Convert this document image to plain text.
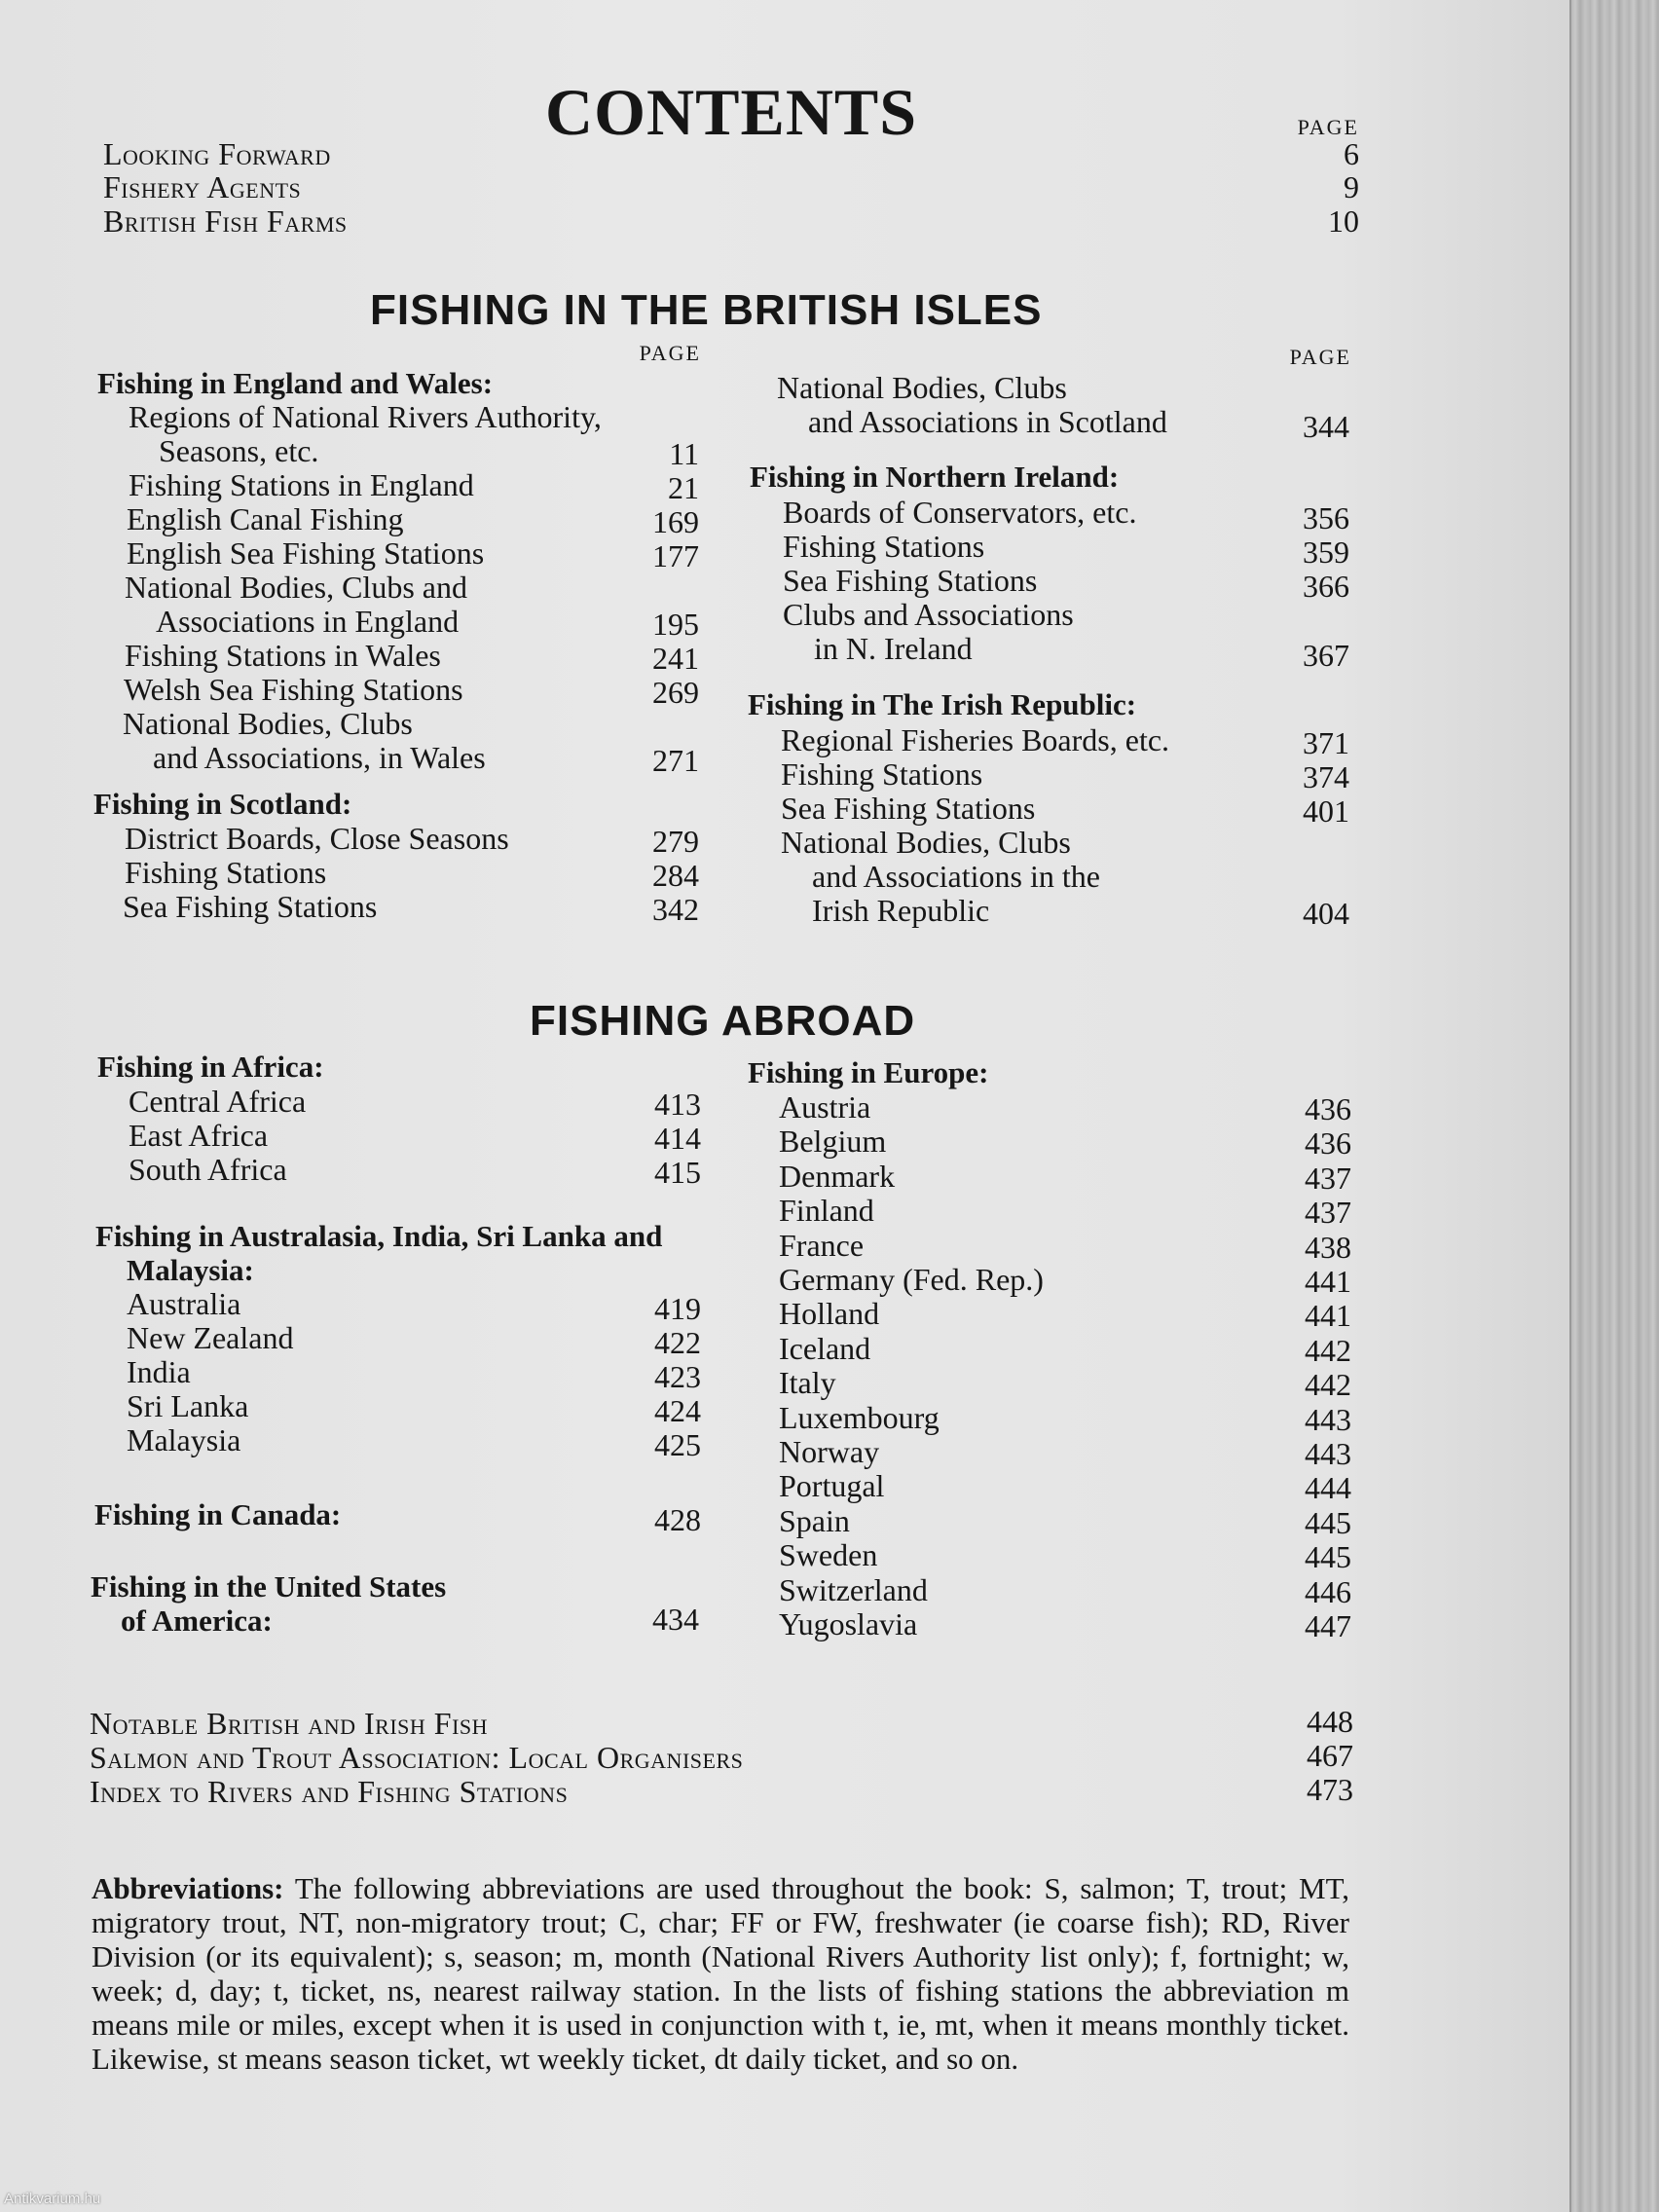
CONTENTS	PAGE
Looking Forward	6
Fishery Agents	9
British Fish Farms	10
FISHING IN THE BRITISH ISLES
PAGE	PAGE
Fishing in England and Wales:
Regions of National Rivers Authority,
Seasons, etc.	11
Fishing Stations in England	21
English Canal Fishing	169
English Sea Fishing Stations	177
National Bodies, Clubs and
Associations in England	195
Fishing Stations in Wales	241
Welsh Sea Fishing Stations	269
National Bodies, Clubs
and Associations, in Wales	271
Fishing in Scotland:
District Boards, Close Seasons	279
Fishing Stations	284
Sea Fishing Stations	342
National Bodies, Clubs
and Associations in Scotland	344
Fishing in Northern Ireland:
Boards of Conservators, etc.	356
Fishing Stations	359
Sea Fishing Stations	366
Clubs and Associations
in N. Ireland	367
Fishing in The Irish Republic:
Regional Fisheries Boards, etc.	371
Fishing Stations	374
Sea Fishing Stations	401
National Bodies, Clubs
and Associations in the
Irish Republic	404
FISHING ABROAD
Fishing in Africa:
Central Africa	413
East Africa	414
South Africa	415
Fishing in Australasia, India, Sri Lanka and
Malaysia:
Australia	419
New Zealand	422
India	423
Sri Lanka	424
Malaysia	425
Fishing in Canada:	428
Fishing in the United States
of America:	434
Fishing in Europe:
Austria	436
Belgium	436
Denmark	437
Finland	437
France	438
Germany (Fed. Rep.)	441
Holland	441
Iceland	442
Italy	442
Luxembourg	443
Norway	443
Portugal	444
Spain	445
Sweden	445
Switzerland	446
Yugoslavia	447
Notable British and Irish Fish	448
Salmon and Trout Association: Local Organisers	467
Index to Rivers and Fishing Stations	473
Abbreviations: The following abbreviations are used throughout the book: S, salmon; T, trout; MT, migratory trout, NT, non-migratory trout; C, char; FF or FW, freshwater (ie coarse fish); RD, River Division (or its equivalent); s, season; m, month (National Rivers Authority list only); f, fortnight; w, week; d, day; t, ticket, ns, nearest railway station. In the lists of fishing stations the abbreviation m means mile or miles, except when it is used in conjunction with t, ie, mt, when it means monthly ticket. Likewise, st means season ticket, wt weekly ticket, dt daily ticket, and so on.
Antikvarium.hu
